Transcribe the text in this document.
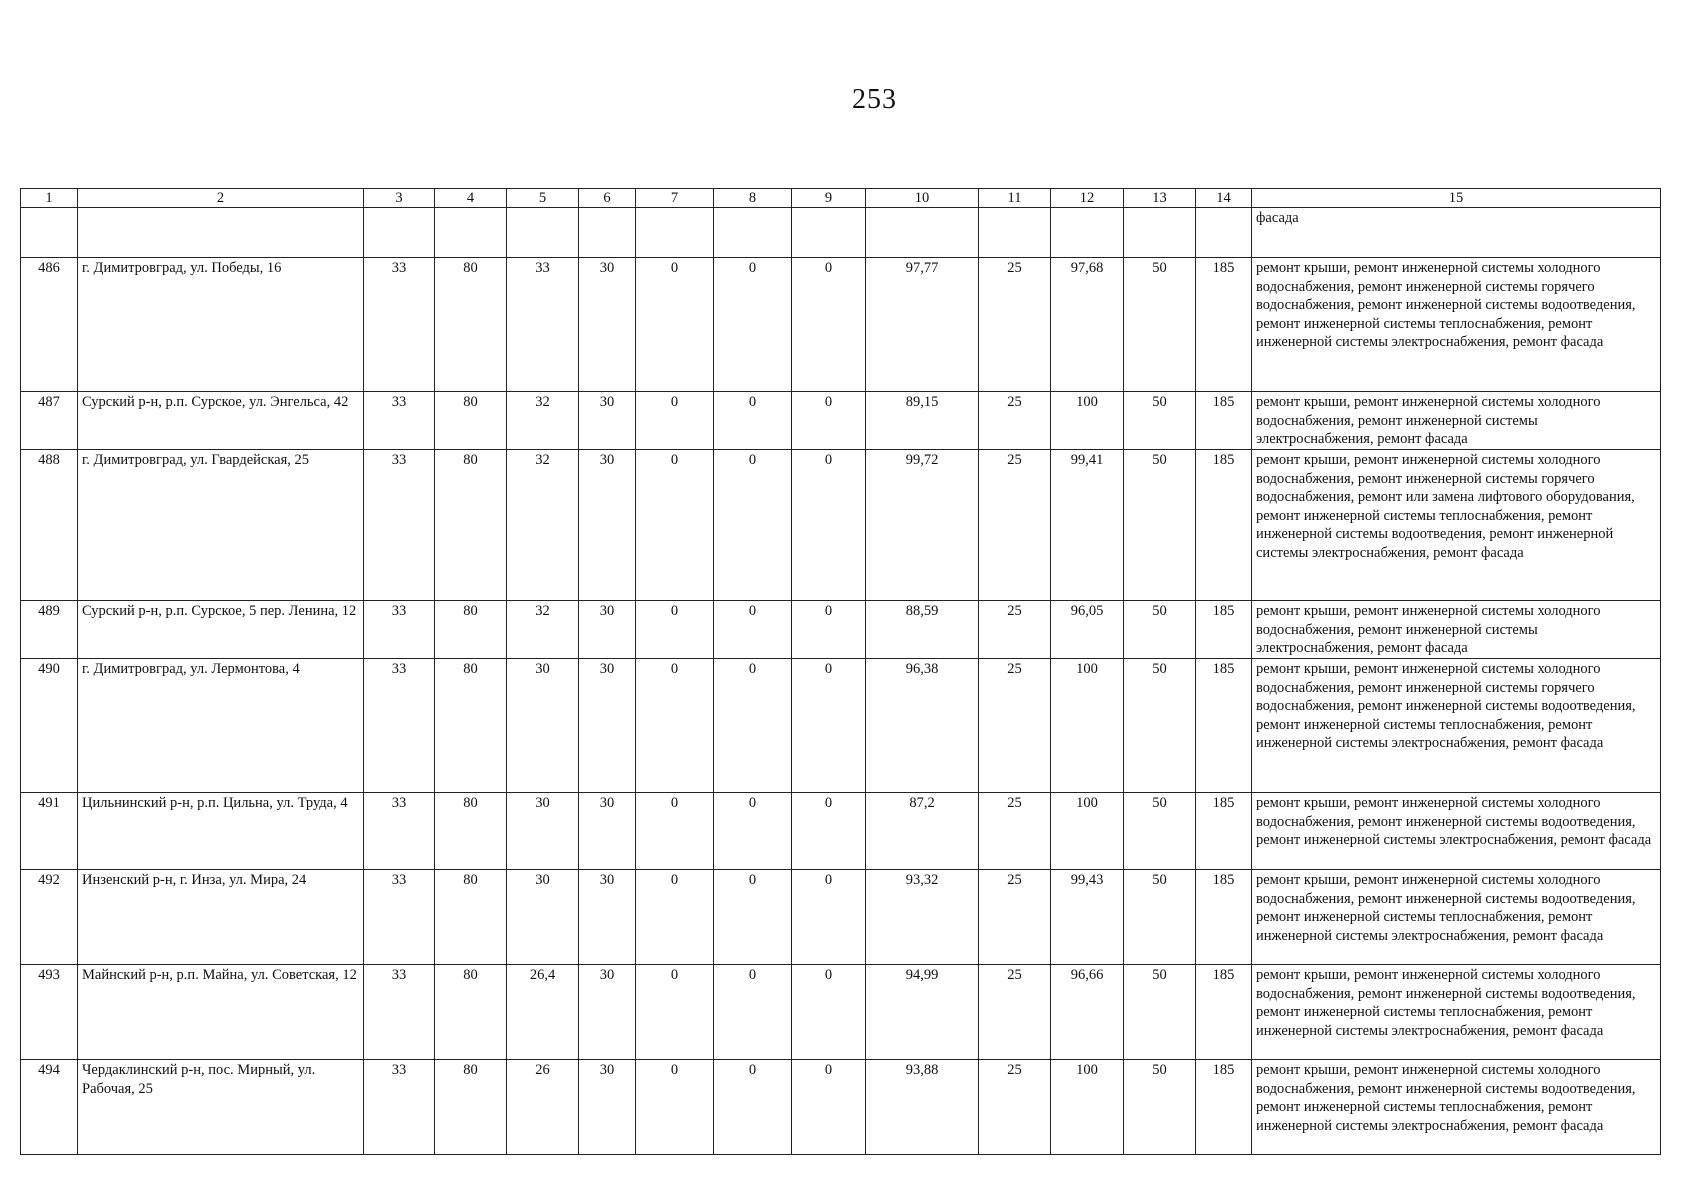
253
1	2	3	4	5	6	7	8	9	10	11	12	13	14	15
														фасада
486	г. Димитровград, ул. Победы, 16	33	80	33	30	0	0	0	97,77	25	97,68	50	185	ремонт крыши, ремонт инженерной системы холодного водоснабжения, ремонт инженерной системы горячего водоснабжения, ремонт инженерной системы водоотведения, ремонт инженерной системы теплоснабжения, ремонт инженерной системы электроснабжения, ремонт фасада
487	Сурский р-н, р.п. Сурское, ул. Энгельса, 42	33	80	32	30	0	0	0	89,15	25	100	50	185	ремонт крыши, ремонт инженерной системы холодного водоснабжения, ремонт инженерной системы электроснабжения, ремонт фасада
488	г. Димитровград, ул. Гвардейская, 25	33	80	32	30	0	0	0	99,72	25	99,41	50	185	ремонт крыши, ремонт инженерной системы холодного водоснабжения, ремонт инженерной системы горячего водоснабжения, ремонт или замена лифтового оборудования, ремонт инженерной системы теплоснабжения, ремонт инженерной системы водоотведения, ремонт инженерной системы электроснабжения, ремонт фасада
489	Сурский р-н, р.п. Сурское, 5 пер. Ленина, 12	33	80	32	30	0	0	0	88,59	25	96,05	50	185	ремонт крыши, ремонт инженерной системы холодного водоснабжения, ремонт инженерной системы электроснабжения, ремонт фасада
490	г. Димитровград, ул. Лермонтова, 4	33	80	30	30	0	0	0	96,38	25	100	50	185	ремонт крыши, ремонт инженерной системы холодного водоснабжения, ремонт инженерной системы горячего водоснабжения, ремонт инженерной системы водоотведения, ремонт инженерной системы теплоснабжения, ремонт инженерной системы электроснабжения, ремонт фасада
491	Цильнинский р-н, р.п. Цильна, ул. Труда, 4	33	80	30	30	0	0	0	87,2	25	100	50	185	ремонт крыши, ремонт инженерной системы холодного водоснабжения, ремонт инженерной системы водоотведения, ремонт инженерной системы электроснабжения, ремонт фасада
492	Инзенский р-н, г. Инза, ул. Мира, 24	33	80	30	30	0	0	0	93,32	25	99,43	50	185	ремонт крыши, ремонт инженерной системы холодного водоснабжения, ремонт инженерной системы водоотведения, ремонт инженерной системы теплоснабжения, ремонт инженерной системы электроснабжения, ремонт фасада
493	Майнский р-н, р.п. Майна, ул. Советская, 12	33	80	26,4	30	0	0	0	94,99	25	96,66	50	185	ремонт крыши, ремонт инженерной системы холодного водоснабжения, ремонт инженерной системы водоотведения, ремонт инженерной системы теплоснабжения, ремонт инженерной системы электроснабжения, ремонт фасада
494	Чердаклинский р-н, пос. Мирный, ул. Рабочая, 25	33	80	26	30	0	0	0	93,88	25	100	50	185	ремонт крыши, ремонт инженерной системы холодного водоснабжения, ремонт инженерной системы водоотведения, ремонт инженерной системы теплоснабжения, ремонт инженерной системы электроснабжения, ремонт фасада
